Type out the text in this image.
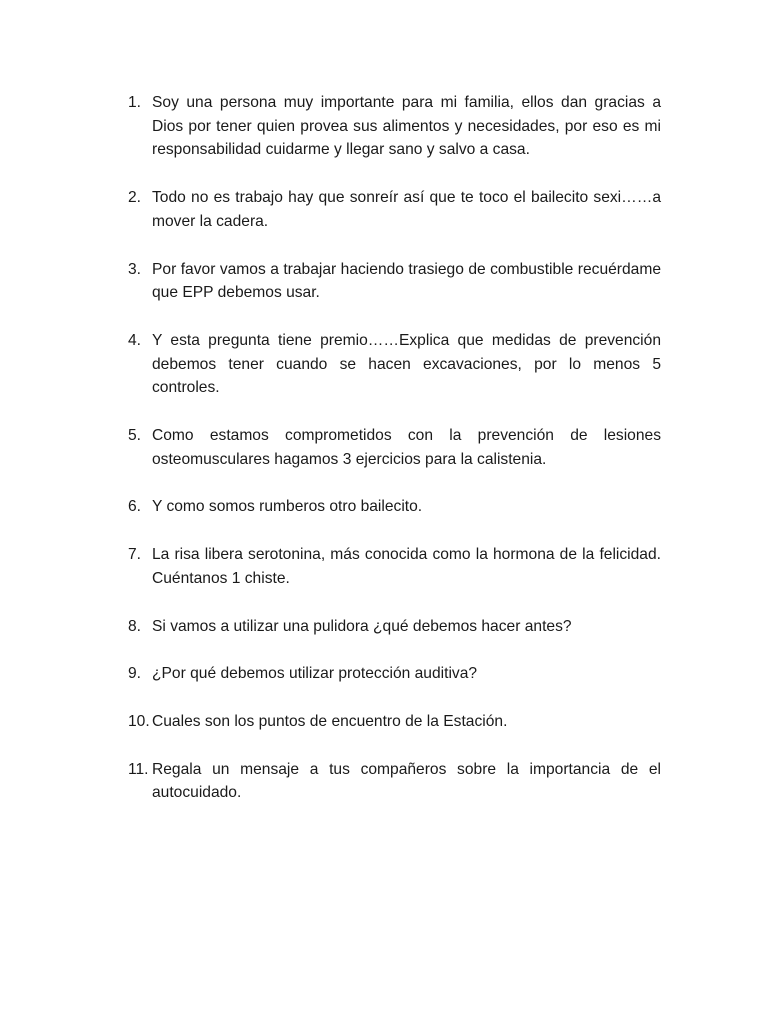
1. Soy una persona muy importante para mi familia, ellos dan gracias a Dios por tener quien provea sus alimentos y necesidades, por eso es mi responsabilidad cuidarme y llegar sano y salvo a casa.
2. Todo no es trabajo hay que sonreír así que te toco el bailecito sexi……a mover la cadera.
3. Por favor vamos a trabajar haciendo trasiego de combustible recuérdame que EPP debemos usar.
4. Y esta pregunta tiene premio……Explica que medidas de prevención debemos tener cuando se hacen excavaciones, por lo menos 5 controles.
5. Como estamos comprometidos con la prevención de lesiones osteomusculares hagamos 3 ejercicios para la calistenia.
6. Y como somos rumberos otro bailecito.
7. La risa libera serotonina, más conocida como la hormona de la felicidad. Cuéntanos 1 chiste.
8. Si vamos a utilizar una pulidora ¿qué debemos hacer antes?
9. ¿Por qué debemos utilizar protección auditiva?
10. Cuales son los puntos de encuentro de la Estación.
11. Regala un mensaje a tus compañeros sobre la importancia de el autocuidado.
